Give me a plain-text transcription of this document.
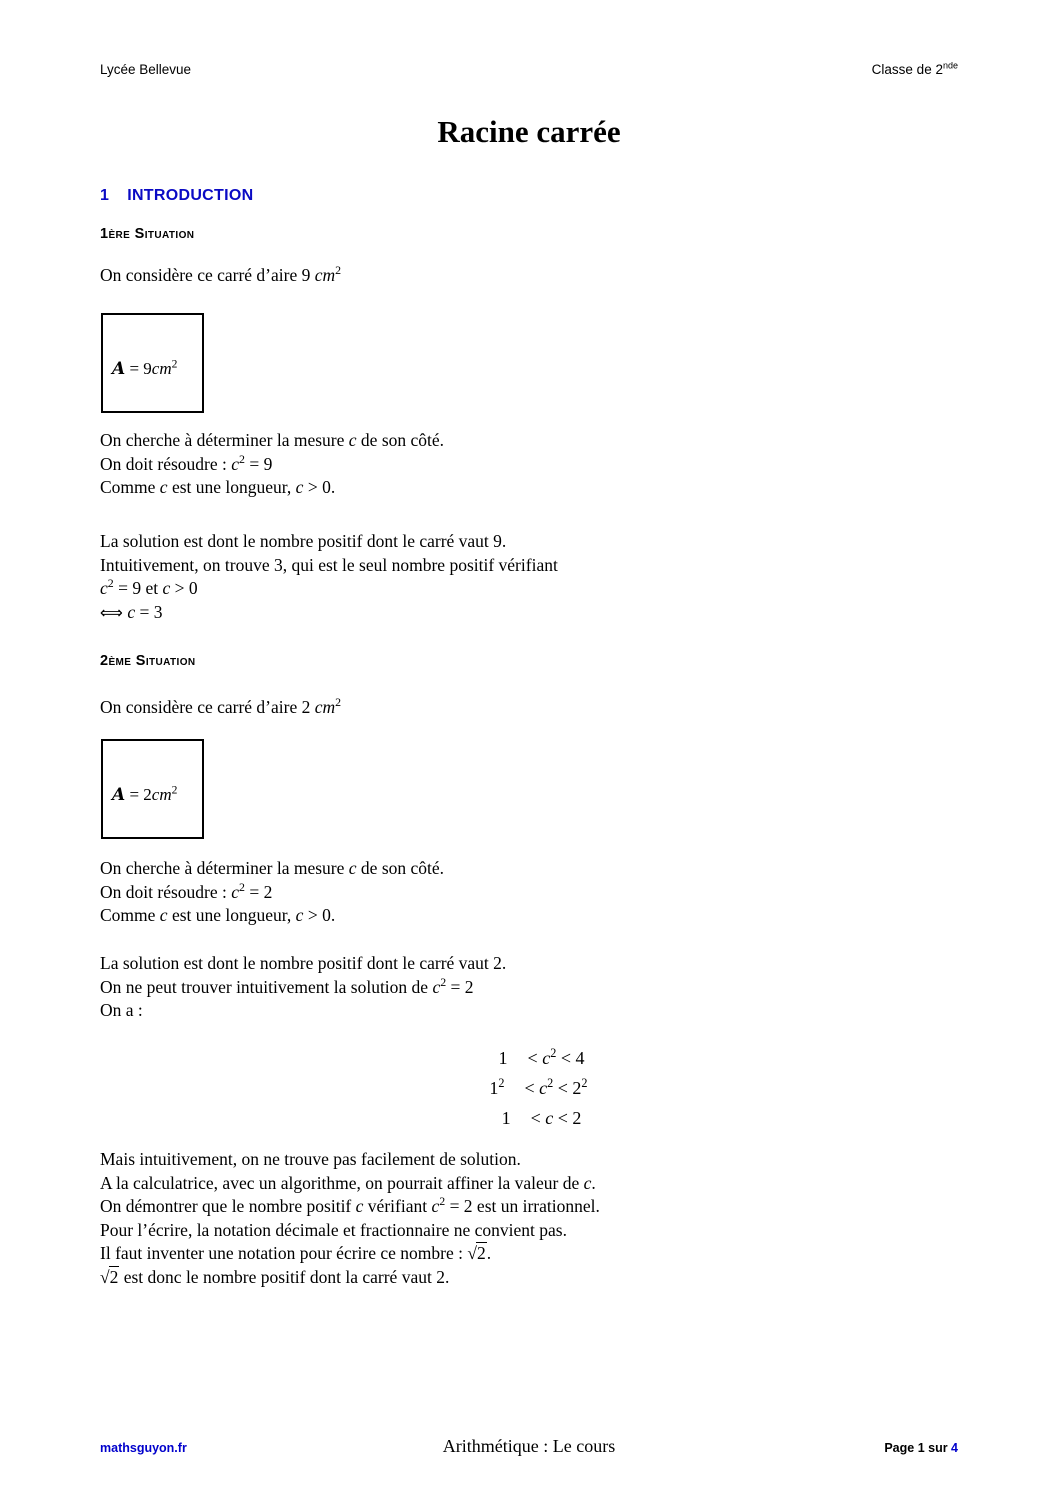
Lycée Bellevue	Classe de 2nde
Racine carrée
1 INTRODUCTION
1ère Situation
On considère ce carré d’aire 9 $cm^2$
$A = 9cm^2$
On cherche à déterminer la mesure c de son côté.
On doit résoudre : $c^2 = 9$
Comme c est une longueur, c > 0.
La solution est dont le nombre positif dont le carré vaut 9.
Intuitivement, on trouve 3, qui est le seul nombre positif vérifiant
$c^2 = 9$ et c > 0
⟺ c = 3
2ème Situation
On considère ce carré d’aire 2 $cm^2$
$A = 2cm^2$
On cherche à déterminer la mesure c de son côté.
On doit résoudre : $c^2 = 2$
Comme c est une longueur, c > 0.
La solution est dont le nombre positif dont le carré vaut 2.
On ne peut trouver intuitivement la solution de $c^2 = 2$
On a :
$1 < c^2 < 4$
$1^2 < c^2 < 2^2$
1 < c < 2
Mais intuitivement, on ne trouve pas facilement de solution.
A la calculatrice, avec un algorithme, on pourrait affiner la valeur de c.
On démontrer que le nombre positif c vérifiant $c^2 = 2$ est un irrationnel.
Pour l’écrire, la notation décimale et fractionnaire ne convient pas.
Il faut inventer une notation pour écrire ce nombre : √2.
√2 est donc le nombre positif dont la carré vaut 2.
mathsguyon.fr	Arithmétique : Le cours	Page 1 sur 4
